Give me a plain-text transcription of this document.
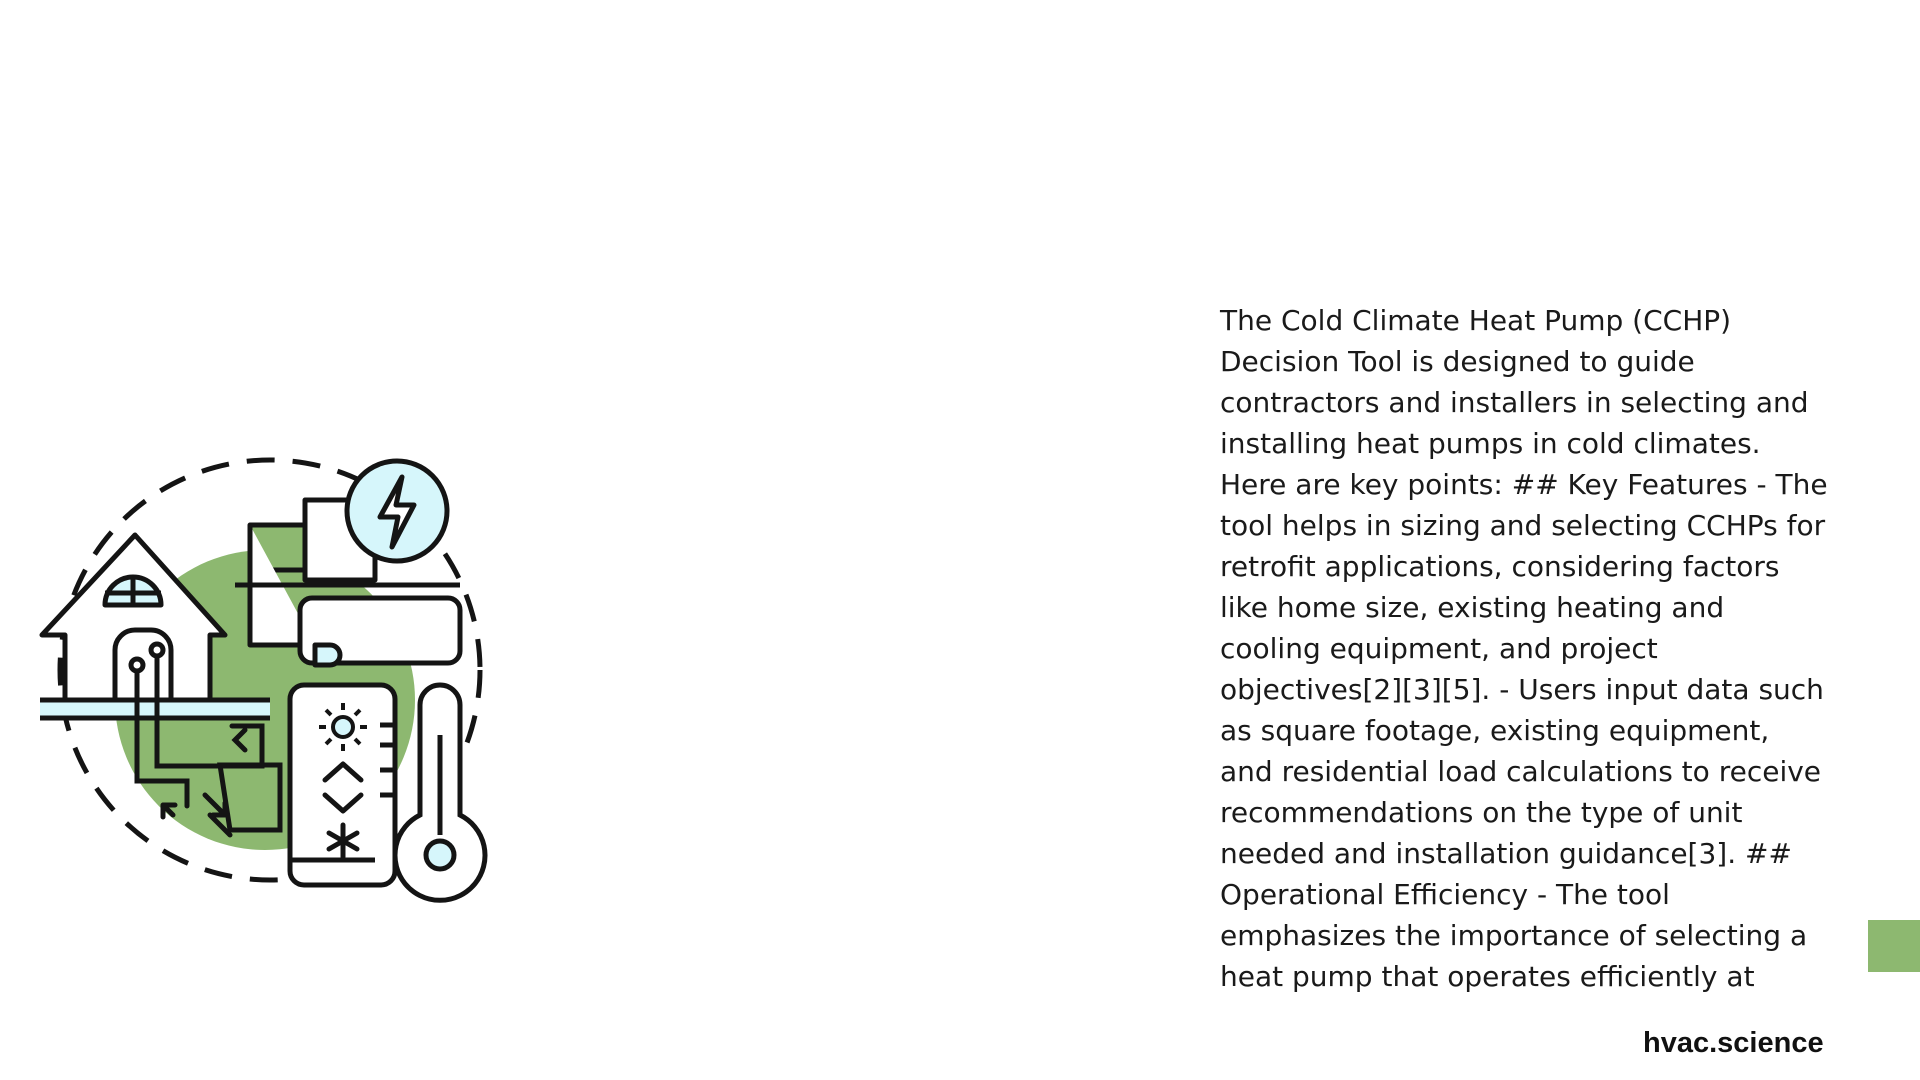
The Cold Climate Heat Pump (CCHP) Decision Tool is designed to guide contractors and installers in selecting and installing heat pumps in cold climates. Here are key points: ## Key Features - The tool helps in sizing and selecting CCHPs for retrofit applications, considering factors like home size, existing heating and cooling equipment, and project objectives[2][3][5]. - Users input data such as square footage, existing equipment, and residential load calculations to receive recommendations on the type of unit needed and installation guidance[3]. ## Operational Efficiency - The tool emphasizes the importance of selecting a heat pump that operates efficiently at
hvac.science
